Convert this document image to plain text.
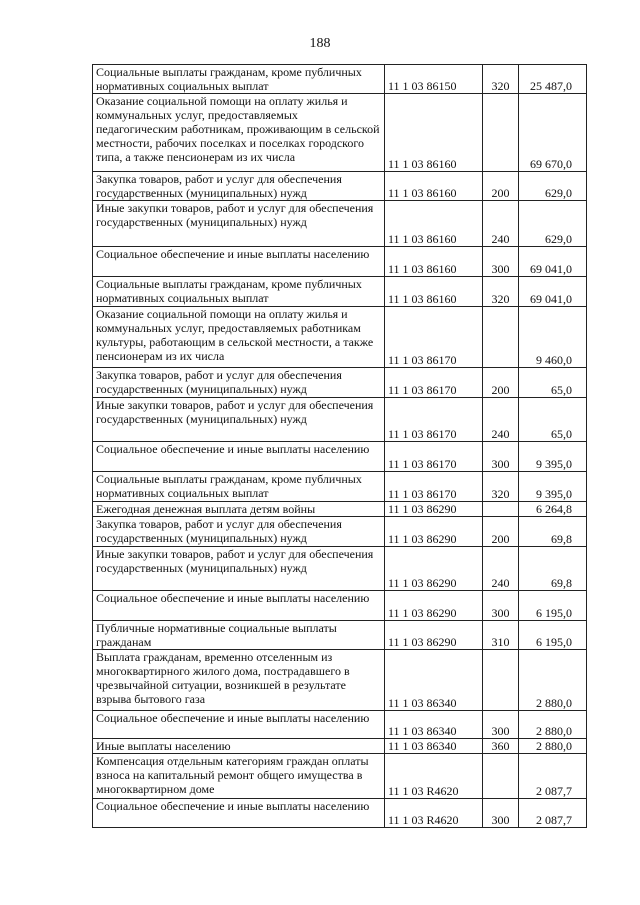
188
Социальные выплаты гражданам, кроме публичных нормативных социальных выплат	11 1 03 86150	320	25 487,0
Оказание социальной помощи на оплату жилья и коммунальных услуг, предоставляемых педагогическим работникам, проживающим в сельской местности, рабочих поселках и поселках городского типа, а также пенсионерам из их числа	11 1 03 86160		69 670,0
Закупка товаров, работ и услуг для обеспечения государственных (муниципальных) нужд	11 1 03 86160	200	629,0
Иные закупки товаров, работ и услуг для обеспечения государственных (муниципальных) нужд	11 1 03 86160	240	629,0
Социальное обеспечение и иные выплаты населению	11 1 03 86160	300	69 041,0
Социальные выплаты гражданам, кроме публичных нормативных социальных выплат	11 1 03 86160	320	69 041,0
Оказание социальной помощи на оплату жилья и коммунальных услуг, предоставляемых работникам культуры, работающим в сельской местности, а также пенсионерам из их числа	11 1 03 86170		9 460,0
Закупка товаров, работ и услуг для обеспечения государственных (муниципальных) нужд	11 1 03 86170	200	65,0
Иные закупки товаров, работ и услуг для обеспечения государственных (муниципальных) нужд	11 1 03 86170	240	65,0
Социальное обеспечение и иные выплаты населению	11 1 03 86170	300	9 395,0
Социальные выплаты гражданам, кроме публичных нормативных социальных выплат	11 1 03 86170	320	9 395,0
Ежегодная денежная выплата детям войны	11 1 03 86290		6 264,8
Закупка товаров, работ и услуг для обеспечения государственных (муниципальных) нужд	11 1 03 86290	200	69,8
Иные закупки товаров, работ и услуг для обеспечения государственных (муниципальных) нужд	11 1 03 86290	240	69,8
Социальное обеспечение и иные выплаты населению	11 1 03 86290	300	6 195,0
Публичные нормативные социальные выплаты гражданам	11 1 03 86290	310	6 195,0
Выплата гражданам, временно отселенным из многоквартирного жилого дома, пострадавшего в чрезвычайной ситуации, возникшей в результате взрыва бытового газа	11 1 03 86340		2 880,0
Социальное обеспечение и иные выплаты населению	11 1 03 86340	300	2 880,0
Иные выплаты населению	11 1 03 86340	360	2 880,0
Компенсация отдельным категориям граждан оплаты взноса на капитальный ремонт общего имущества в многоквартирном доме	11 1 03 R4620		2 087,7
Социальное обеспечение и иные выплаты населению	11 1 03 R4620	300	2 087,7
